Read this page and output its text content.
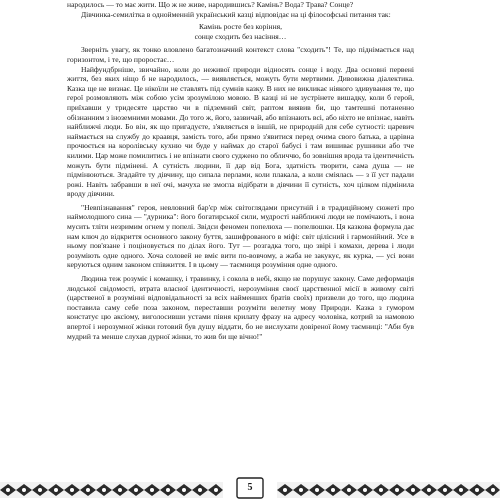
народилось — то має жити. Що ж не живе, народившись? Камінь? Вода? Трава? Сонце?

Дівчинка-семилітка в однойменній український казці відповідає на ці філософські питання так:

Камінь росте без коріння,
сонце сходить без насіння…

Зверніть увагу, як тонко вловлено багатозначний контекст слова "сходить"! Те, що піднімається над горизонтом, і те, що проростає…

Найфундбрніше, звичайно, коли до неживої природи відносять сонце і воду. Два основні первені життя, без яких ніщо б не народилось, — виявляється, можуть бути мертвими. Дивовижна діалектика. Казка ще не визнає. Це нікоїли не ставлять під сумнів казку. В них не викликає ніякого здивування те, що герої розмовляють між собою усім зрозумілою мовою. В казці ні не зустрінете вишадку, коли б герой, приїхавши у тридесяте царство чи в підземний світ, раптом виявив би, що тамтешні потаненно обізнанним з іноземними мовами. До того ж, його, зазвичай, або впізнають всі, або ніхто не впізнає, навіть найближчі люди. Бо він, як що пригадуєте, з'являється в іншій, не природній для себе сутності: царевич наймається на службу до краавця, замість того, аби прямо з'явитися перед очима свого батька, а царівна прочюється на королівську кухню чи буде у наймах до старої бабусі і там вишиває рушники або тче килими. Цар може помилитись і не впізнати свого суджено по обличчю, бо зовнішня врода та ідентичність можуть бути підмінені. А сутність людини, її дар від Бога, здатність творити, сама душа — не підмінюються. Згадайте ту дівчину, що сипала перлами, коли плакала, а коли сміялась — з її уст падали рожі. Навіть забравши в неї очі, мачуха не змогла відібрати в дівчини її сутність, хоч цілком підмінила вроду дівчини.

"Невпізнавання" героя, невловний бар'єр між світоглядами присутній і в традиційному сюжеті про наймолодшого сина — "дурника": його богатирської сили, мудрості найближчі люди не помічають, і вона мусить тліти незримим огнем у попелі. Звідси феномен попелюха — попелюшки. Ця казкова формула дає нам ключ до відкриття основного закону буття, зашифрованого в міфі: світ цілісний і гармонійний. Усе в ньому пов'язане і поціновується по ділах його. Тут — розгадка того, що звірі і комахи, дерева і люди розуміють одне одного. Хоча соловей не вміє вити по-вовчому, а жаба не закукує, як курка, — усі вони керуються одним законом співжиття. І в цьому — таємниця розуміння одне одного.

Людина теж розуміє і комашку, і травинку, і сокола в небі, якщо не порушує закону. Саме деформація людської свідомості, втрата власної ідентичності, нерозуміння своєї царственної місії в живому світі (царственої в розумінні відповідальності за всіх найменших братів своїх) призвели до того, що людина поставила саму себе поза законом, переставши розуміти велетну мову Природи. Казка з гумором констатує цю аксіому, виголосивши устами півня крилату фразу на адресу чоловіка, котрий за намовою впертої і нерозумної жінки готовий був душу віддати, бо не вислухати довіреної йому таємниці: "Аби був мудрий та менше слухав дурної жінки, то жив би ще вічно!"

5
